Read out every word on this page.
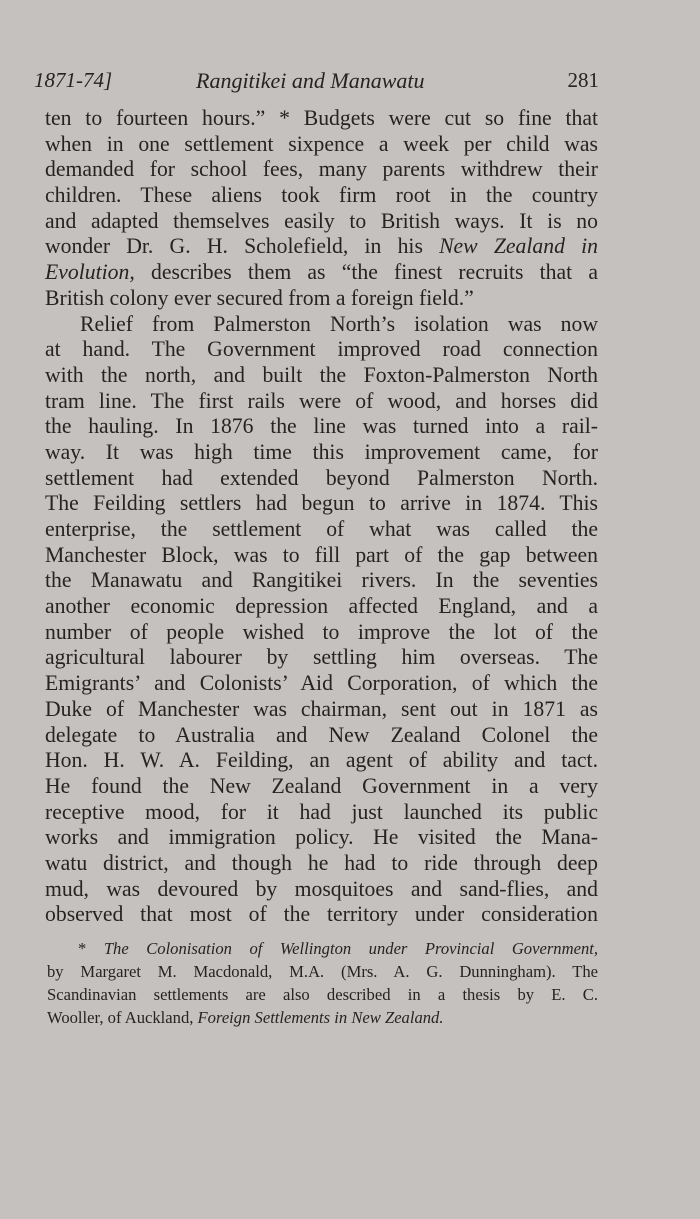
1871-74]	Rangitikei and Manawatu	281
ten to fourteen hours.” * Budgets were cut so fine that
when in one settlement sixpence a week per child was
demanded for school fees, many parents withdrew their
children. These aliens took firm root in the country
and adapted themselves easily to British ways. It is no
wonder Dr. G. H. Scholefield, in his New Zealand in
Evolution, describes them as “the finest recruits that a
British colony ever secured from a foreign field.”
Relief from Palmerston North’s isolation was now
at hand. The Government improved road connection
with the north, and built the Foxton-Palmerston North
tram line. The first rails were of wood, and horses did
the hauling. In 1876 the line was turned into a rail-
way. It was high time this improvement came, for
settlement had extended beyond Palmerston North.
The Feilding settlers had begun to arrive in 1874. This
enterprise, the settlement of what was called the
Manchester Block, was to fill part of the gap between
the Manawatu and Rangitikei rivers. In the seventies
another economic depression affected England, and a
number of people wished to improve the lot of the
agricultural labourer by settling him overseas. The
Emigrants’ and Colonists’ Aid Corporation, of which the
Duke of Manchester was chairman, sent out in 1871 as
delegate to Australia and New Zealand Colonel the
Hon. H. W. A. Feilding, an agent of ability and tact.
He found the New Zealand Government in a very
receptive mood, for it had just launched its public
works and immigration policy. He visited the Mana-
watu district, and though he had to ride through deep
mud, was devoured by mosquitoes and sand-flies, and
observed that most of the territory under consideration
* The Colonisation of Wellington under Provincial Government,
by Margaret M. Macdonald, M.A. (Mrs. A. G. Dunningham). The
Scandinavian settlements are also described in a thesis by E. C.
Wooller, of Auckland, Foreign Settlements in New Zealand.
